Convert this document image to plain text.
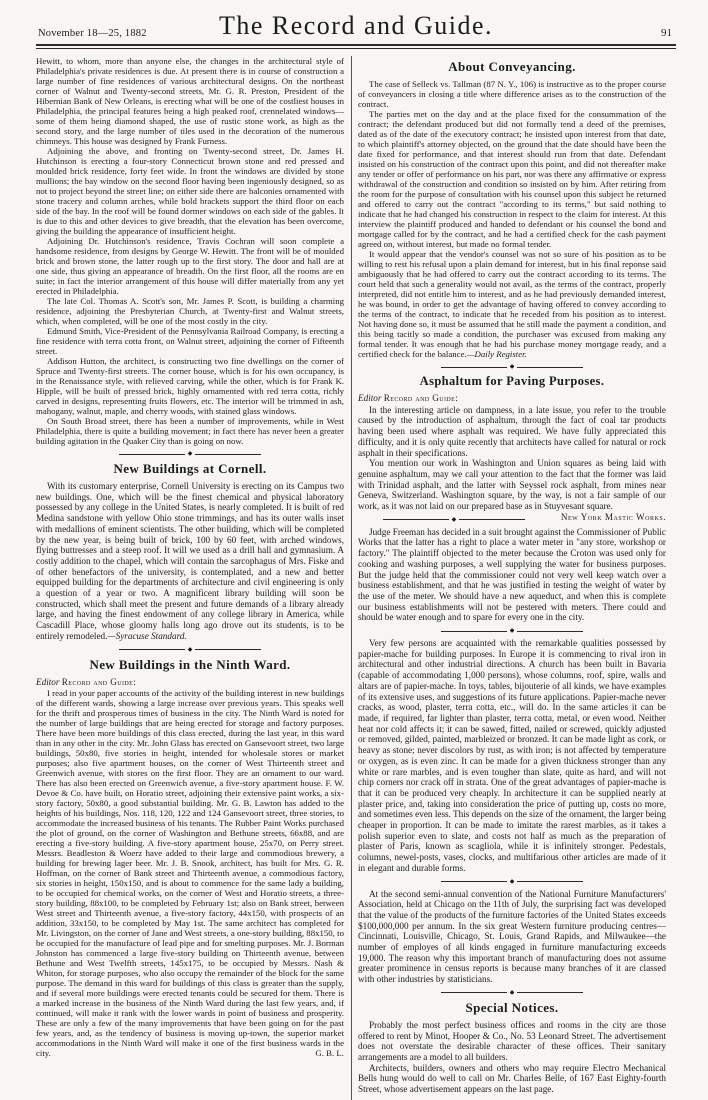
November 18—25, 1882	The Record and Guide.	91

Hewitt, to whom, more than anyone else, the changes in the architectural style of Philadelphia's private residences is due. At present there is in course of construction a large number of fine residences of various architectural designs. On the northeast corner of Walnut and Twenty-second streets, Mr. G. R. Preston, President of the Hibernian Bank of New Orleans, is erecting what will be one of the costliest houses in Philadelphia, the principal features being a high peaked roof, crennelated windows—some of them being diamond shaped, the use of rustic stone work, as high as the second story, and the large number of tiles used in the decoration of the numerous chimneys. This house was designed by Frank Furness.

Adjoining the above, and fronting on Twenty-second street, Dr. James H. Hutchinson is erecting a four-story Connecticut brown stone and red pressed and moulded brick residence, forty feet wide. In front the windows are divided by stone mullions; the bay window on the second floor having been ingeniously designed, so as not to project beyond the street line; on either side there are balconies ornamented with stone tracery and column arches, while bold brackets support the third floor on each side of the bay. In the roof will be found dormer windows on each side of the gables. It is due to this and other devices to give breadth, that the elevation has been overcome, giving the building the appearance of insufficient height.

Adjoining Dr. Hutchinson's residence, Travis Cochran will soon complete a handsome residence, from designs by George W. Hewitt. The front will be of moulded brick and brown stone, the latter rough up to the first story. The door and hall are at one side, thus giving an appearance of breadth. On the first floor, all the rooms are en suite; in fact the interior arrangement of this house will differ materially from any yet erected in Philadelphia.

The late Col. Thomas A. Scott's son, Mr. James P. Scott, is building a charming residence, adjoining the Presbyterian Church, at Twenty-first and Walnut streets, which, when completed, will be one of the most costly in the city.

Edmund Smith, Vice-President of the Pennsylvania Railroad Company, is erecting a fine residence with terra cotta front, on Walnut street, adjoining the corner of Fifteenth street.

Addison Hutton, the architect, is constructing two fine dwellings on the corner of Spruce and Twenty-first streets. The corner house, which is for his own occupancy, is in the Renaissance style, with relieved carving, while the other, which is for Frank K. Hipple, will be built of pressed brick, highly ornamented with red terra cotta, richly carved in designs, representing fruits flowers, etc. The interior will be trimmed in ash, mahogany, walnut, maple, and cherry woods, with stained glass windows.

On South Broad street, there has been a number of improvements, while in West Philadelphia, there is quite a building movement; in fact there has never been a greater building agitation in the Quaker City than is going on now.

◆
New Buildings at Cornell.

With its customary enterprise, Cornell University is erecting on its Campus two new buildings. One, which will be the finest chemical and physical laboratory possessed by any college in the United States, is nearly completed. It is built of red Medina sandstone with yellow Ohio stone trimmings, and has its outer walls inset with medallions of eminent scientists. The other building, which will be completed by the new year, is being built of brick, 100 by 60 feet, with arched windows, flying buttresses and a steep roof. It will we used as a drill hall and gymnasium. A costly addition to the chapel, which will contain the sarcophagus of Mrs. Fiske and of other benefactors of the university, is contemplated, and a new and better equipped building for the departments of architecture and civil engineering is only a question of a year or two. A magnificent library building will soon be constructed, which shall meet the present and future demands of a library already large, and having the finest endowment of any college library in America, while Cascadill Place, whose gloomy halls long ago drove out its students, is to be entirely remodeled.—Syracuse Standard.

◆
New Buildings in the Ninth Ward.

Editor Record and Guide:

I read in your paper accounts of the activity of the building interest in new buildings of the different wards, showing a large increase over previous years. This speaks well for the thrift and prosperous times of business in the city. The Ninth Ward is noted for the number of large buildings that are being erected for storage and factory purposes. There have been more buildings of this class erected, during the last year, in this ward than in any other in the city. Mr. John Glass has erected on Gansevoort street, two large buildings, 50x80, five stories in height, intended for wholesale stores or market purposes; also five apartment houses, on the corner of West Thirteenth street and Greenwich avenue, with stores on the first floor. They are an ornament to our ward. There has also been erected on Greenwich avenue, a five-story apartment house. F. W. Devoe & Co. have built, on Horatio street, adjoining their extensive paint works, a six-story factory, 50x80, a good substantial building. Mr. G. B. Lawton has added to the heights of his buildings, Nos. 118, 120, 122 and 124 Gansevoort street, three stories, to accommodate the increased business of his tenants. The Rubber Paint Works purchased the plot of ground, on the corner of Washington and Bethune streets, 66x88, and are erecting a five-story building. A five-story apartment house, 25x70, on Perry street. Messrs. Beadleston & Woerz have added to their large and commodious brewery, a building for brewing lager beer. Mr. J. B. Snook, architect, has built for Mrs. G. R. Hoffman, on the corner of Bank street and Thirteenth avenue, a commodious factory, six stories in height, 150x150, and is about to commence for the same lady a building, to be occupied for chemical works, on the corner of West and Horatio streets, a three-story building, 88x100, to be completed by February 1st; also on Bank street, between West street and Thirteenth avenue, a five-story factory, 44x150, with prospects of an addition, 33x150, to be completed by May 1st. The same architect has completed for Mr. Livingston, on the corner of Jane and West streets, a one-story building, 88x150, to be occupied for the manufacture of lead pipe and for smelting purposes. Mr. J. Borman Johnston has commenced a large five-story building on Thirteenth avenue, between Bethune and West Twelfth streets, 145x175, to be occupied by Messrs. Nash & Whiton, for storage purposes, who also occupy the remainder of the block for the same purpose. The demand in this ward for buildings of this class is greater than the supply, and if several more buildings were erected tenants could be secured for them. There is a marked increase in the business of the Ninth Ward during the last few years, and, if continued, will make it rank with the lower wards in point of business and prosperity. These are only a few of the many improvements that have been going on for the past few years, and, as the tendency of business is moving up-town, the superior market accommodations in the Ninth Ward will make it one of the first business wards in the city.	G. B. L.

About Conveyancing.

The case of Selleck vs. Tallman (87 N. Y., 106) is instructive as to the proper course of conveyancers in closing a title where difference arises as to the construction of the contract.

The parties met on the day and at the place fixed for the consummation of the contract; the defendant produced but did not formally tend a deed of the premises, dated as of the date of the executory contract; he insisted upon interest from that date, to which plaintiff's attorney objected, on the ground that the date should have been the date fixed for performance, and that interest should run from that date. Defendant insisted on his construction of the contract upon this point, and did not thereafter make any tender or offer of performance on his part, nor was there any affirmative or express withdrawal of the construction and condition so insisted on by him. After retiring from the room for the purpose of consultation with his counsel upon this subject he returned and offered to carry out the contract "according to its terms," but said nothing to indicate that he had changed his construction in respect to the claim for interest. At this interview the plaintiff produced and handed to defendant or his counsel the bond and mortgage called for by the contract, and he had a certified check for the cash payment agreed on, without interest, but made no formal tender.

It would appear that the vendor's counsel was not so sure of his position as to be willing to rest his refusal upon a plain demand for interest, but in his final reponse said ambiguously that he had offered to carry out the contract according to its terms. The court held that such a generality would not avail, as the terms of the contract, properly interpreted, did not entitle him to interest, and as he had previously demanded interest, he was bound, in order to get the advantage of having offered to convey according to the terms of the contract, to indicate that he receded from his position as to interest. Not having done so, it must be assumed that he still made the payment a condition, and this being tacitly so made a condition, the purchaser was excused from making any formal tender. It was enough that he had his purchase money mortgage ready, and a certified check for the balance.—Daily Register.

◆
Asphaltum for Paving Purposes.

Editor Record and Guide:

In the interesting article on dampness, in a late issue, you refer to the trouble caused by the introduction of asphaltum, through the fact of coal tar products having been used where asphalt was required. We have fully appreciated this difficulty, and it is only quite recently that architects have called for natural or rock asphalt in their specifications.

You mention our work in Washington and Union squares as being laid with genuine asphaltum, may we call your attention to the fact that the former was laid with Trinidad asphalt, and the latter with Seyssel rock asphalt, from mines near Geneva, Switzerland. Washington square, by the way, is not a fair sample of our work, as it was not laid on our prepared base as in Stuyvesant square.
New York Mastic Works.

◆

Judge Freeman has decided in a suit brought against the Commissioner of Public Works that the latter has a right to place a water meter in "any store, workshop or factory." The plaintiff objected to the meter because the Croton was used only for cooking and washing purposes, a well supplying the water for business purposes. But the judge held that the commissioner could not very well keep watch over a business establishment, and that he was justified in testing the weight of water by the use of the meter. We should have a new aqueduct, and when this is complete our business establishments will not be pestered with meters. There could and should be water enough and to spare for every one in the city.

◆

Very few persons are acquainted with the remarkable qualities possessed by papier-mache for building purposes. In Europe it is commencing to rival iron in architectural and other industrial directions. A church has been built in Bavaria (capable of accommodating 1,000 persons), whose columns, roof, spire, walls and altars are of papier-mache. In toys, tables, bijouterie of all kinds, we have examples of its extensive uses, and suggestions of its future applications. Papier-mache never cracks, as wood, plaster, terra cotta, etc., will do. In the same articles it can be made, if required, far lighter than plaster, terra cotta, metal, or even wood. Neither heat nor cold affects it; it can be sawed, fitted, nailed or screwed, quickly adjusted or removed, gilded, painted, marbleized or bronzed. It can be made light as cork, or heavy as stone; never discolors by rust, as with iron; is not affected by temperature or oxygen, as is even zinc. It can be made for a given thickness stronger than any white or rare marbles, and is even tougher than slate, quite as hard, and will not chip corners nor crack off in strata. One of the great advantages of papier-mache is that it can be produced very cheaply. In architecture it can be supplied nearly at plaster price, and, taking into consideration the price of putting up, costs no more, and sometimes even less. This depends on the size of the ornament, the larger being cheaper in proportion. It can be made to imitate the rarest marbles, as it takes a polish superior even to slate, and costs not half as much as the preparation of plaster of Paris, known as scagliola, while it is infinitely stronger. Pedestals, columns, newel-posts, vases, clocks, and multifarious other articles are made of it in elegant and durable forms.

◆

At the second semi-annual convention of the National Furniture Manufacturers' Association, held at Chicago on the 11th of July, the surprising fact was developed that the value of the products of the furniture factories of the United States exceeds $100,000,000 per annum. In the six great Western furniture producing centres—Cincinnati, Louisville, Chicago, St. Louis, Grand Rapids, and Milwaukee—the number of employes of all kinds engaged in furniture manufacturing exceeds 19,000. The reason why this important branch of manufacturing does not assume greater prominence in census reports is because many branches of it are classed with other industries by statisticians.

◆
Special Notices.

Probably the most perfect business offices and rooms in the city are those offered to rent by Minot, Hooper & Co., No. 53 Leonard Street. The advertisement does not overstate the desirable character of these offices. Their sanitary arrangements are a model to all builders.

Architects, builders, owners and others who may require Electro Mechanical Bells hung would do well to call on Mr. Charles Belle, of 167 East Eighty-fourth Street, whose advertisement appears on the last page.
